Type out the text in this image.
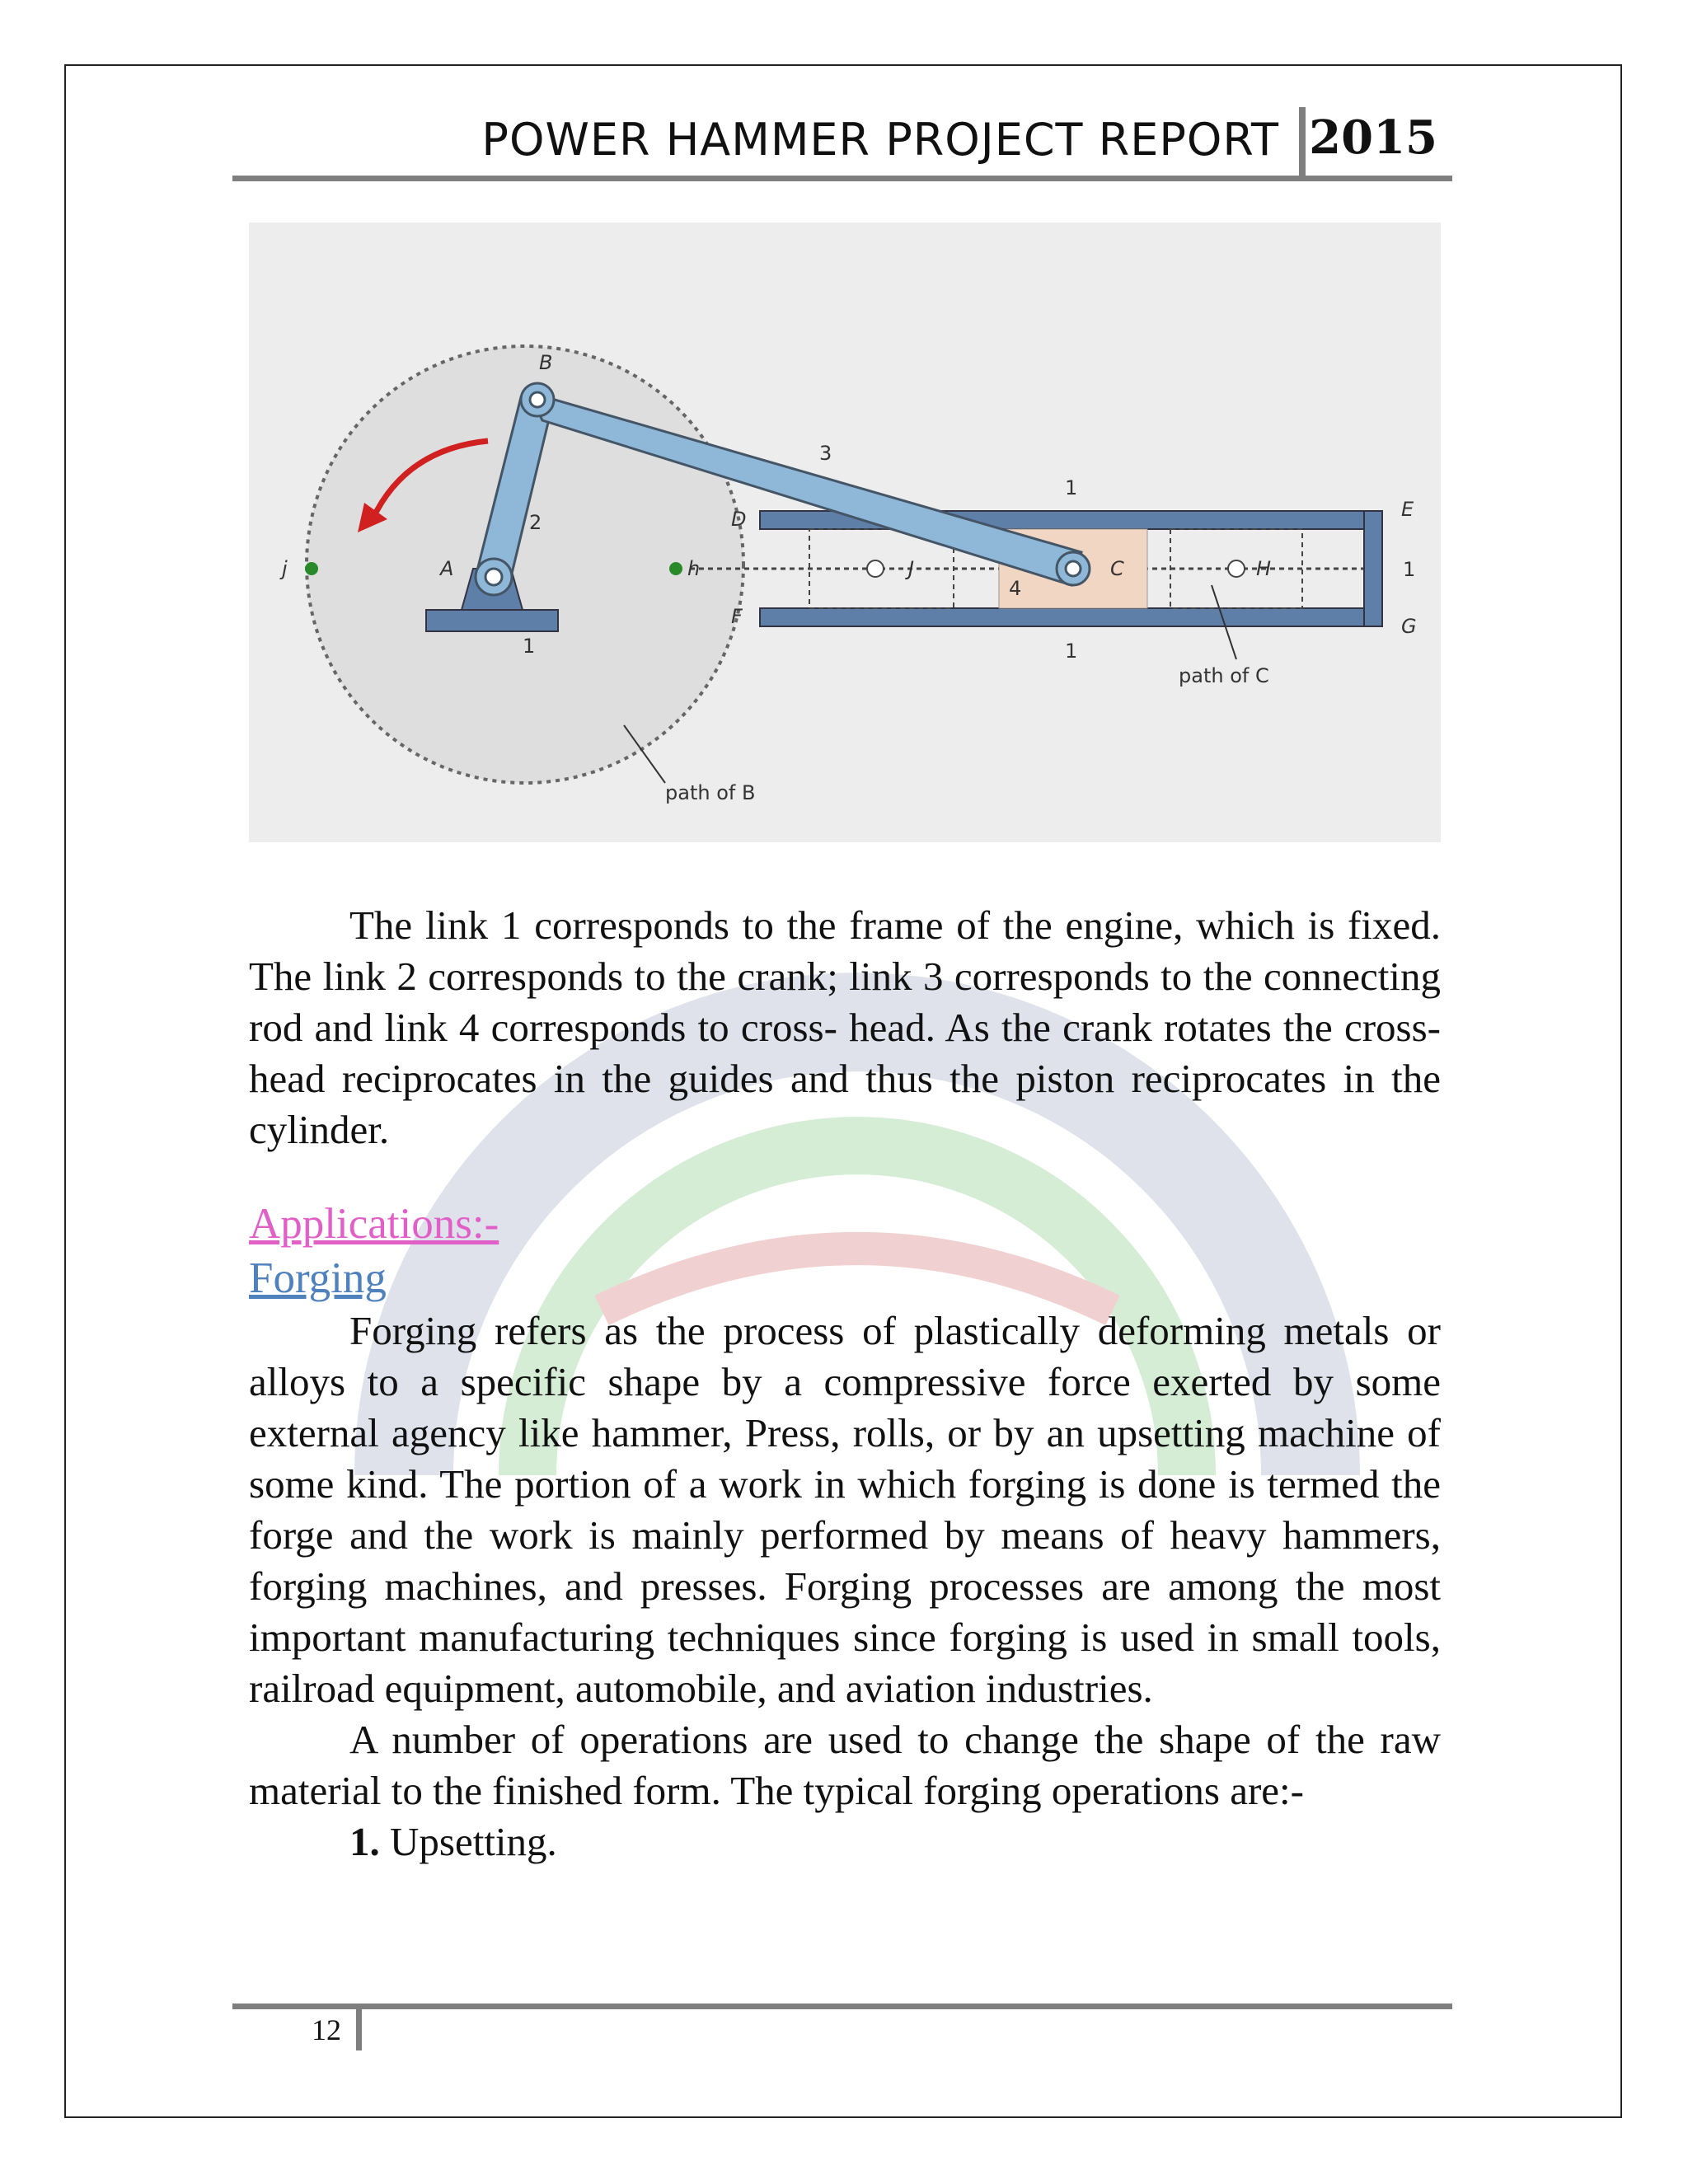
POWER HAMMER PROJECT REPORT 2015
B
A
2
3
4
1
1
1
1
D
F
E
G
j	h	J	C	H
path of B
path of C

The link 1 corresponds to the frame of the engine, which is fixed. The link 2 corresponds to the crank; link 3 corresponds to the connecting rod and link 4 corresponds to cross- head. As the crank rotates the cross-head reciprocates in the guides and thus the piston reciprocates in the cylinder.

Applications:-
Forging

Forging refers as the process of plastically deforming metals or alloys to a specific shape by a compressive force exerted by some external agency like hammer, Press, rolls, or by an upsetting machine of some kind. The portion of a work in which forging is done is termed the forge and the work is mainly performed by means of heavy hammers, forging machines, and presses. Forging processes are among the most important manufacturing techniques since forging is used in small tools, railroad equipment, automobile, and aviation industries.

A number of operations are used to change the shape of the raw material to the finished form. The typical forging operations are:-

1. Upsetting.

12
